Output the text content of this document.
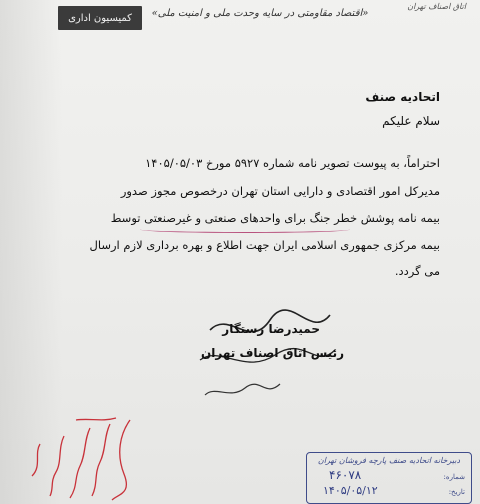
اتاق اصناف تهران
«اقتصاد مقاومتی در سایه وحدت ملی و امنیت ملی»
کمیسیون اداری
اتحادیه صنف
سلام علیکم
احتراماً، به پیوست تصویر نامه شماره ۵۹۲۷ مورخ ۱۴۰۵/۰۵/۰۳
مدیرکل امور اقتصادی و دارایی استان تهران درخصوص مجوز صدور
بیمه نامه پوشش خطر جنگ برای واحدهای صنعتی و غیرصنعتی توسط
بیمه مرکزی جمهوری اسلامی ایران جهت اطلاع و بهره برداری لازم ارسال
می گردد.
حمیدرضا رستگار
رئیس اتاق اصناف تهران
دبیرخانه اتحادیه صنف پارچه فروشان تهران
شماره:
۴۶۰۷۸
تاریخ:
۱۴۰۵/۰۵/۱۲
